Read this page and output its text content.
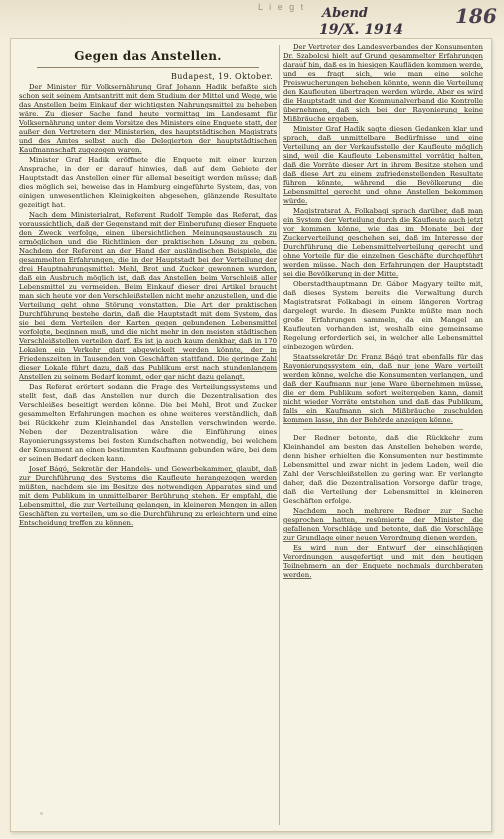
L i e g t Abend
19/X. 1914
186
Gegen das Anstellen.
Budapest, 19. Oktober.

Der Minister für Volksernährung Graf Johann Hadik befaßte sich schon seit seinem Amtsantritt mit dem Studium der Mittel und Wege, wie das Anstellen beim Einkauf der wichtigsten Nahrungsmittel zu beheben wäre. Zu dieser Sache fand heute vormittag im Landesamt für Volksernährung unter dem Vorsitze des Ministers eine Enquete statt, der außer den Vertretern der Ministerien, des hauptstädtischen Magistrats und des Amtes selbst auch die Delegierten der hauptstädtischen Kaufmannschaft zugezogen waren.

Minister Graf Hadik eröffnete die Enquete mit einer kurzen Ansprache, in der er darauf hinwies, daß auf dem Gebiete der Hauptstadt das Anstellen einer für allemal beseitigt werden müsse; daß dies möglich sei, beweise das in Hamburg eingeführte System, das, von einigen unwesentlichen Kleinigkeiten abgesehen, glänzende Resultate gezeitigt hat.

Nach dem Ministerialrat, Referent Rudolf Temple das Referat, das voraussichtlich, daß der Gegenstand mit der Einberufung dieser Enquete den Zweck verfolge, einen übersichtlichen Meinungsaustausch zu ermöglichen und die Richtlinien der praktischen Lösung zu geben. Nachdem der Referent an der Hand der ausländischen Beispiele, die gesammelten Erfahrungen, die in der Hauptstadt bei der Verteilung der drei Hauptnahrungsmittel: Mehl, Brot und Zucker gewonnen wurden, daß ein Ausbruch möglich ist, daß das Anstellen beim Verschleiß aller Lebensmittel zu vermeiden. Beim Einkauf dieser drei Artikel braucht man sich heute vor den Verschleißstellen nicht mehr anzustellen, und die Verteilung geht ohne Störung vonstatten. Die Art der praktischen Durchführung bestehe darin, daß die Hauptstadt mit dem System, das sie bei dem Verteilen der Karten gegen gebundenen Lebensmittel vorfolgte, beginnen muß, und die nicht mehr in den meisten städtischen Verschleißstellen verteilen darf. Es ist ja auch kaum denkbar, daß in 170 Lokalen ein Verkehr glatt abgewickelt werden könnte, der in Friedenszeiten in Tausenden von Geschäften stattfand. Die geringe Zahl dieser Lokale führt dazu, daß das Publikum erst nach stundenlangem Anstellen zu seinem Bedarf kommt, oder gar nicht dazu gelangt.

Das Referat erörtert sodann die Frage des Verteilungssystems und stellt fest, daß das Anstellen nur durch die Dezentralisation des Verschleißes beseitigt werden könne. Die bei Mehl, Brot und Zucker gesammelten Erfahrungen machen es ohne weiteres verständlich, daß bei Rückkehr zum Kleinhandel das Anstellen verschwinden werde. Neben der Dezentralisation wäre die Einführung eines Rayonierungssystems bei festen Kundschaften notwendig, bei welchem der Konsument an einen bestimmten Kaufmann gebunden wäre, bei dem er seinen Bedarf decken kann.

Josef Bágó, Sekretär der Handels- und Gewerbekammer, glaubt, daß zur Durchführung des Systems die Kaufleute herangezogen werden müßten, nachdem sie im Besitze des notwendigen Apparates sind und mit dem Publikum in unmittelbarer Berührung stehen. Er empfahl, die Lebensmittel, die zur Verteilung gelangen, in kleineren Mengen in allen Geschäften zu verteilen, um so die Durchführung zu erleichtern und eine Entscheidung treffen zu können.

Der Vertreter des Landesverbandes der Konsumenten Dr. Szabolcsi hielt auf Grund gesammelter Erfahrungen darauf hin, daß es in hiesigen Kaufläden kommen werde, und es fragt sich, wie man eine solche Preiswucherungen beheben könnte, wenn die Verteilung den Kaufleuten übertragen werden würde. Aber es wird die Hauptstadt und der Kommunalverband die Kontrolle übernehmen, daß sich bei der Rayonierung keine Mißbräuche ergeben.

Minister Graf Hadik sagte diesen Gedanken klar und sprach, daß unmittelbare Bedürfnisse und eine Verteilung an der Verkaufsstelle der Kaufleute möglich sind, weil die Kaufleute Lebensmittel vorrätig halten, daß die Vorräte dieser Art in ihrem Besitze stehen und daß diese Art zu einem zufriedenstellenden Resultate führen könnte, während die Bevölkerung die Lebensmittel gerecht und ohne Anstellen bekommen würde.

Magistratsrat A. Folkabagi sprach darüber, daß man ein System der Verteilung durch die Kaufleute auch jetzt vor kommen könne, wie das im Monate bei der Zuckerverteilung geschehen sei, daß im Interesse der Durchführung die Lebensmittelverteilung gerecht und ohne Vorteile für die einzelnen Geschäfte durchgeführt werden müsse. Nach den Erfahrungen der Hauptstadt sei die Bevölkerung in der Mitte.

Oberstadthauptmann Dr. Gábor Magyary teilte mit, daß dieses System bereits die Verwaltung durch Magistratsrat Folkabagi in einem längeren Vortrag dargelegt wurde. In diesem Punkte müßte man noch große Erfahrungen sammeln, da ein Mangel an Kaufleuten vorhanden ist, weshalb eine gemeinsame Regelung erforderlich sei, in welcher alle Lebensmittel einbezogen würden.

Staatssekretär Dr. Franz Bágó trat ebenfalls für das Rayonierungssystem ein, daß nur jene Ware verteilt werden könne, welche die Konsumenten verlangen, und daß der Kaufmann nur jene Ware übernehmen müsse, die er dem Publikum sofort weitergeben kann, damit nicht wieder Vorräte entstehen und daß das Publikum, falls ein Kaufmann sich Mißbräuche zuschulden kommen lasse, ihn der Behörde anzeigen könne.

Der Redner betonte, daß die Rückkehr zum Kleinhandel am besten das Anstellen beheben werde, denn bisher erhielten die Konsumenten nur bestimmte Lebensmittel und zwar nicht in jedem Laden, weil die Zahl der Verschleißstellen zu gering war. Er verlangte daher, daß die Dezentralisation Vorsorge dafür trage, daß die Verteilung der Lebensmittel in kleineren Geschäften erfolge.

Nachdem noch mehrere Redner zur Sache gesprochen hatten, resümierte der Minister die gefallenen Vorschläge und betonte, daß die Vorschläge zur Grundlage einer neuen Verordnung dienen werden.

Es wird nun der Entwurf der einschlägigen Verordnungen ausgefertigt und mit den heutigen Teilnehmern an der Enquete nochmals durchberaten werden.
